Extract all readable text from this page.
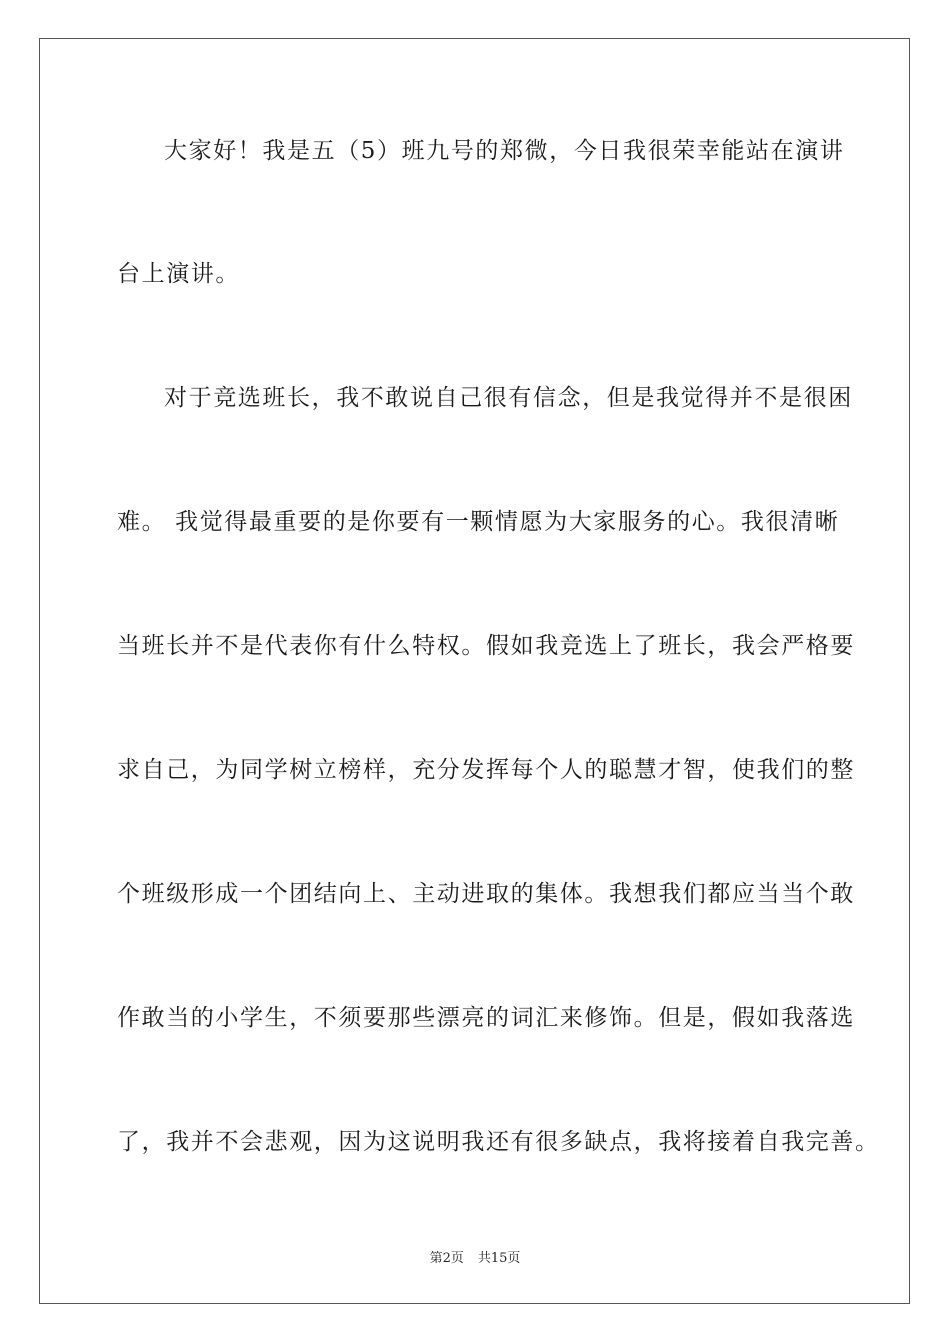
大家好！我是五（5）班九号的郑微，今日我很荣幸能站在演讲
台上演讲。
对于竞选班长，我不敢说自己很有信念，但是我觉得并不是很困
难。 我觉得最重要的是你要有一颗情愿为大家服务的心。我很清晰
当班长并不是代表你有什么特权。假如我竞选上了班长，我会严格要
求自己，为同学树立榜样，充分发挥每个人的聪慧才智，使我们的整
个班级形成一个团结向上、主动进取的集体。我想我们都应当当个敢
作敢当的小学生，不须要那些漂亮的词汇来修饰。但是，假如我落选
了，我并不会悲观，因为这说明我还有很多缺点，我将接着自我完善。
第2页 共15页
